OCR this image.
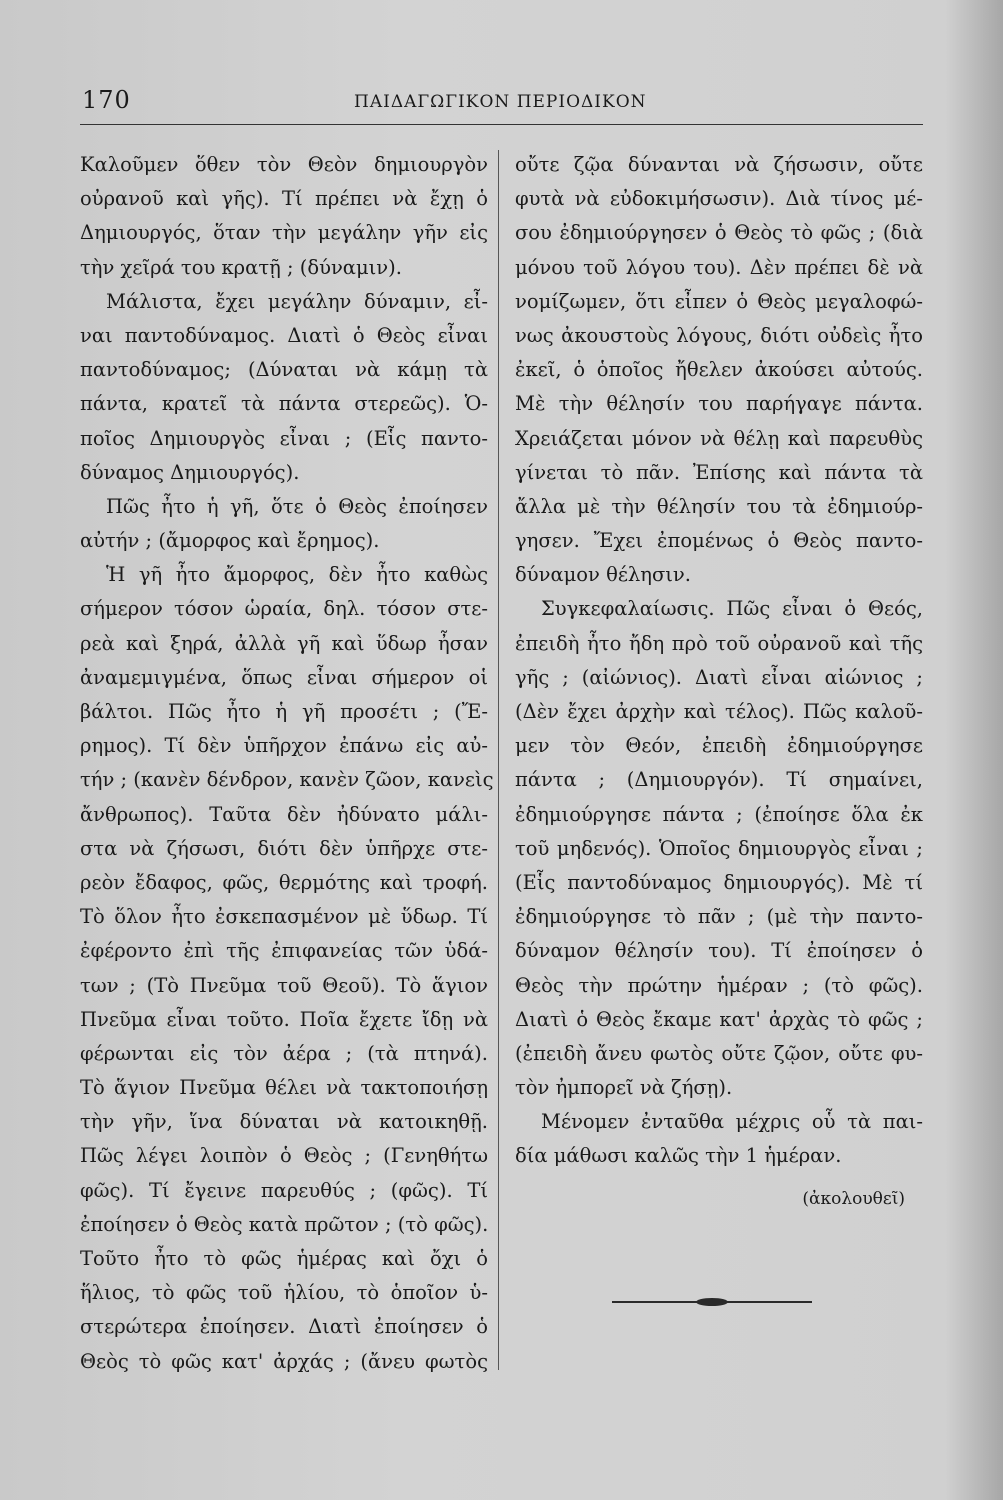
170	ΠΑΙΔΑΓΩΓΙΚΟΝ ΠΕΡΙΟΔΙΚΟΝ
Καλοῦμεν ὅθεν τὸν Θεὸν δημιουργὸν
οὐρανοῦ καὶ γῆς). Τί πρέπει νὰ ἔχῃ ὁ
Δημιουργός, ὅταν τὴν μεγάλην γῆν εἰς
τὴν χεῖρά του κρατῇ ; (δύναμιν).
Μάλιστα, ἔχει μεγάλην δύναμιν, εἶ-
ναι παντοδύναμος. Διατὶ ὁ Θεὸς εἶναι
παντοδύναμος; (Δύναται νὰ κάμῃ τὰ
πάντα, κρατεῖ τὰ πάντα στερεῶς). Ὁ-
ποῖος Δημιουργὸς εἶναι ; (Εἷς παντο-
δύναμος Δημιουργός).
Πῶς ἦτο ἡ γῆ, ὅτε ὁ Θεὸς ἐποίησεν
αὐτήν ; (ἄμορφος καὶ ἔρημος).
Ἡ γῆ ἦτο ἄμορφος, δὲν ἦτο καθὼς
σήμερον τόσον ὡραία, δηλ. τόσον στε-
ρεὰ καὶ ξηρά, ἀλλὰ γῆ καὶ ὕδωρ ἦσαν
ἀναμεμιγμένα, ὅπως εἶναι σήμερον οἱ
βάλτοι. Πῶς ἦτο ἡ γῆ προσέτι ; (Ἔ-
ρημος). Τί δὲν ὑπῆρχον ἐπάνω εἰς αὐ-
τήν ; (κανὲν δένδρον, κανὲν ζῶον, κανεὶς
ἄνθρωπος). Ταῦτα δὲν ἠδύνατο μάλι-
στα νὰ ζήσωσι, διότι δὲν ὑπῆρχε στε-
ρεὸν ἔδαφος, φῶς, θερμότης καὶ τροφή.
Τὸ ὅλον ἦτο ἐσκεπασμένον μὲ ὕδωρ. Τί
ἐφέροντο ἐπὶ τῆς ἐπιφανείας τῶν ὑδά-
των ; (Τὸ Πνεῦμα τοῦ Θεοῦ). Τὸ ἅγιον
Πνεῦμα εἶναι τοῦτο. Ποῖα ἔχετε ἴδῃ νὰ
φέρωνται εἰς τὸν ἀέρα ; (τὰ πτηνά).
Τὸ ἅγιον Πνεῦμα θέλει νὰ τακτοποιήσῃ
τὴν γῆν, ἵνα δύναται νὰ κατοικηθῇ.
Πῶς λέγει λοιπὸν ὁ Θεὸς ; (Γενηθήτω
φῶς). Τί ἔγεινε παρευθύς ; (φῶς). Τί
ἐποίησεν ὁ Θεὸς κατὰ πρῶτον ; (τὸ φῶς).
Τοῦτο ἦτο τὸ φῶς ἡμέρας καὶ ὄχι ὁ
ἥλιος, τὸ φῶς τοῦ ἡλίου, τὸ ὁποῖον ὑ-
στερώτερα ἐποίησεν. Διατὶ ἐποίησεν ὁ
Θεὸς τὸ φῶς κατ' ἀρχάς ; (ἄνευ φωτὸς
οὔτε ζῷα δύνανται νὰ ζήσωσιν, οὔτε
φυτὰ νὰ εὐδοκιμήσωσιν). Διὰ τίνος μέ-
σου ἐδημιούργησεν ὁ Θεὸς τὸ φῶς ; (διὰ
μόνου τοῦ λόγου του). Δὲν πρέπει δὲ νὰ
νομίζωμεν, ὅτι εἶπεν ὁ Θεὸς μεγαλοφώ-
νως ἀκουστοὺς λόγους, διότι οὐδεὶς ἦτο
ἐκεῖ, ὁ ὁποῖος ἤθελεν ἀκούσει αὐτούς.
Μὲ τὴν θέλησίν του παρήγαγε πάντα.
Χρειάζεται μόνον νὰ θέλῃ καὶ παρευθὺς
γίνεται τὸ πᾶν. Ἐπίσης καὶ πάντα τὰ
ἄλλα μὲ τὴν θέλησίν του τὰ ἐδημιούρ-
γησεν. Ἔχει ἐπομένως ὁ Θεὸς παντο-
δύναμον θέλησιν.
Συγκεφαλαίωσις. Πῶς εἶναι ὁ Θεός,
ἐπειδὴ ἦτο ἤδη πρὸ τοῦ οὐρανοῦ καὶ τῆς
γῆς ; (αἰώνιος). Διατὶ εἶναι αἰώνιος ;
(Δὲν ἔχει ἀρχὴν καὶ τέλος). Πῶς καλοῦ-
μεν τὸν Θεόν, ἐπειδὴ ἐδημιούργησε
πάντα ; (Δημιουργόν). Τί σημαίνει,
ἐδημιούργησε πάντα ; (ἐποίησε ὅλα ἐκ
τοῦ μηδενός). Ὁποῖος δημιουργὸς εἶναι ;
(Εἷς παντοδύναμος δημιουργός). Μὲ τί
ἐδημιούργησε τὸ πᾶν ; (μὲ τὴν παντο-
δύναμον θέλησίν του). Τί ἐποίησεν ὁ
Θεὸς τὴν πρώτην ἡμέραν ; (τὸ φῶς).
Διατὶ ὁ Θεὸς ἔκαμε κατ' ἀρχὰς τὸ φῶς ;
(ἐπειδὴ ἄνευ φωτὸς οὔτε ζῷον, οὔτε φυ-
τὸν ἠμπορεῖ νὰ ζήσῃ).
Μένομεν ἐνταῦθα μέχρις οὗ τὰ παι-
δία μάθωσι καλῶς τὴν 1 ἡμέραν.
(ἀκολουθεῖ)
